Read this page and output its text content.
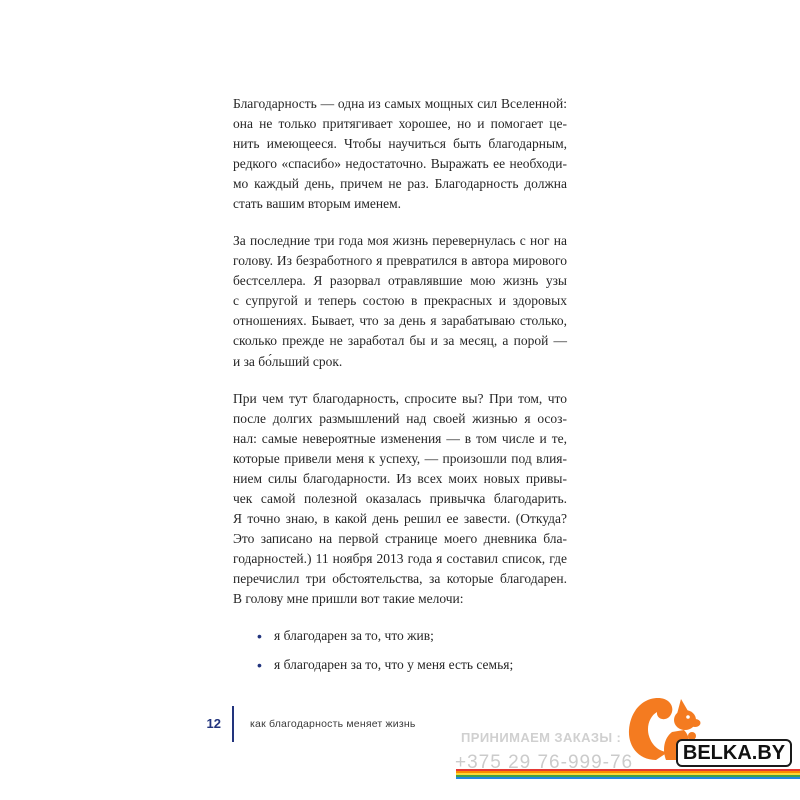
Благодарность — одна из самых мощных сил Вселенной:
она не только притягивает хорошее, но и помогает це-
нить имеющееся. Чтобы научиться быть благодарным,
редкого «спасибо» недостаточно. Выражать ее необходи-
мо каждый день, причем не раз. Благодарность должна
стать вашим вторым именем.
За последние три года моя жизнь перевернулась с ног на
голову. Из безработного я превратился в автора мирового
бестселлера. Я разорвал отравлявшие мою жизнь узы
с супругой и теперь состою в прекрасных и здоровых
отношениях. Бывает, что за день я зарабатываю столько,
сколько прежде не заработал бы и за месяц, а порой —
и за бо́льший срок.
При чем тут благодарность, спросите вы? При том, что
после долгих размышлений над своей жизнью я осоз-
нал: самые невероятные изменения — в том числе и те,
которые привели меня к успеху, — произошли под влия-
нием силы благодарности. Из всех моих новых привы-
чек самой полезной оказалась привычка благодарить.
Я точно знаю, в какой день решил ее завести. (Откуда?
Это записано на первой странице моего дневника бла-
годарностей.) 11 ноября 2013 года я составил список, где
перечислил три обстоятельства, за которые благодарен.
В голову мне пришли вот такие мелочи:
• я благодарен за то, что жив;
• я благодарен за то, что у меня есть семья;
12	как благодарность меняет жизнь
ПРИНИМАЕМ ЗАКАЗЫ :
+375 29 76-999-76	BELKA.BY
